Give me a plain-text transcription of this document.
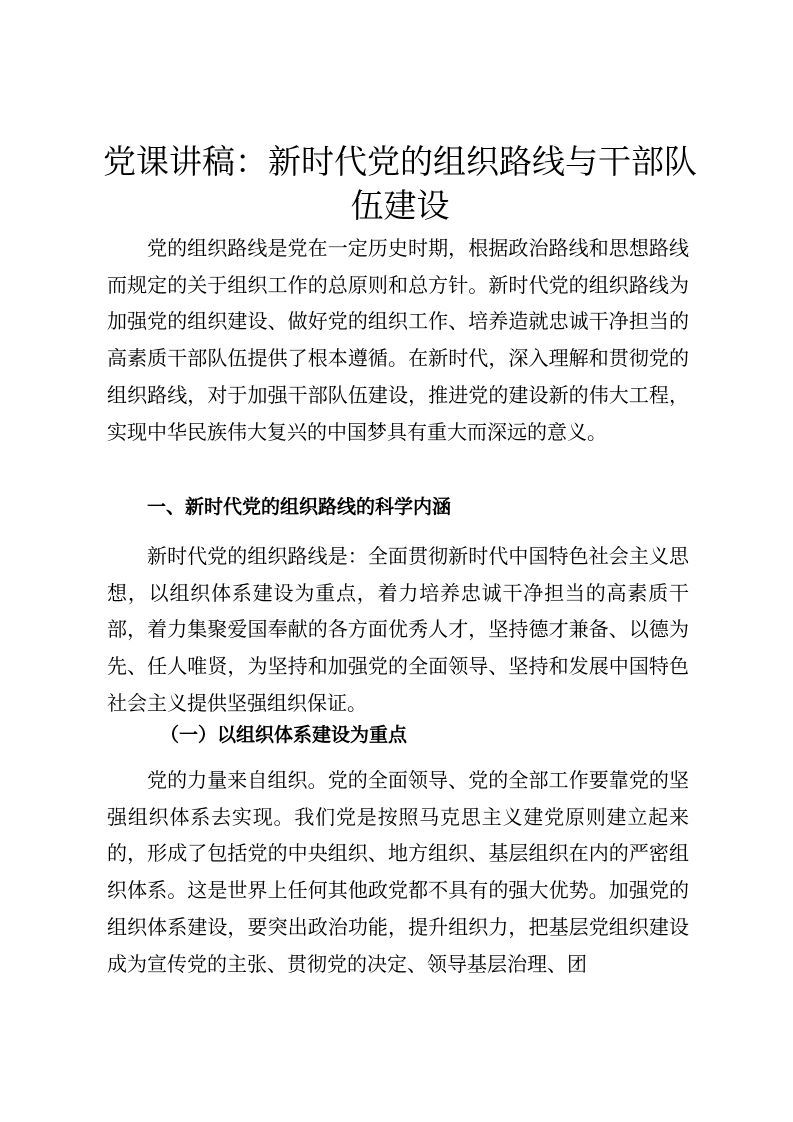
党课讲稿：新时代党的组织路线与干部队伍建设

党的组织路线是党在一定历史时期，根据政治路线和思想路线而规定的关于组织工作的总原则和总方针。新时代党的组织路线为加强党的组织建设、做好党的组织工作、培养造就忠诚干净担当的高素质干部队伍提供了根本遵循。在新时代，深入理解和贯彻党的组织路线，对于加强干部队伍建设，推进党的建设新的伟大工程，实现中华民族伟大复兴的中国梦具有重大而深远的意义。

一、新时代党的组织路线的科学内涵

新时代党的组织路线是：全面贯彻新时代中国特色社会主义思想，以组织体系建设为重点，着力培养忠诚干净担当的高素质干部，着力集聚爱国奉献的各方面优秀人才，坚持德才兼备、以德为先、任人唯贤，为坚持和加强党的全面领导、坚持和发展中国特色社会主义提供坚强组织保证。

（一）以组织体系建设为重点

党的力量来自组织。党的全面领导、党的全部工作要靠党的坚强组织体系去实现。我们党是按照马克思主义建党原则建立起来的，形成了包括党的中央组织、地方组织、基层组织在内的严密组织体系。这是世界上任何其他政党都不具有的强大优势。加强党的组织体系建设，要突出政治功能，提升组织力，把基层党组织建设成为宣传党的主张、贯彻党的决定、领导基层治理、团
